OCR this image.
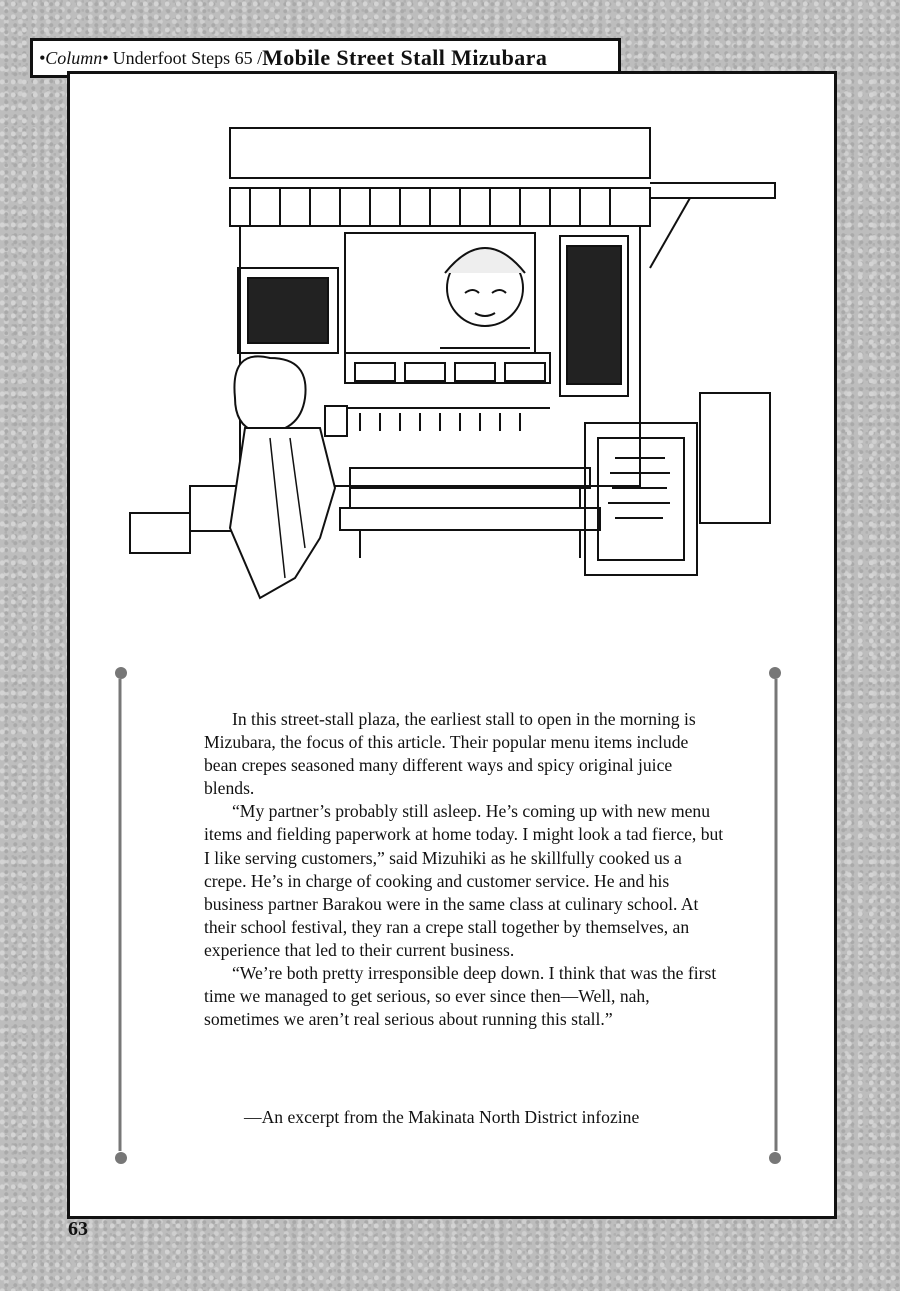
•Column• Underfoot Steps 65 / Mobile Street Stall Mizubara

In this street-stall plaza, the earliest stall to open in the morning is Mizubara, the focus of this article. Their popular menu items include bean crepes seasoned many different ways and spicy original juice blends.

“My partner’s probably still asleep. He’s coming up with new menu items and fielding paperwork at home today. I might look a tad fierce, but I like serving customers,” said Mizuhiki as he skillfully cooked us a crepe. He’s in charge of cooking and customer service. He and his business partner Barakou were in the same class at culinary school. At their school festival, they ran a crepe stall together by themselves, an experience that led to their current business.

“We’re both pretty irresponsible deep down. I think that was the first time we managed to get serious, so ever since then—Well, nah, sometimes we aren’t real serious about running this stall.”

—An excerpt from the Makinata North District infozine
63
